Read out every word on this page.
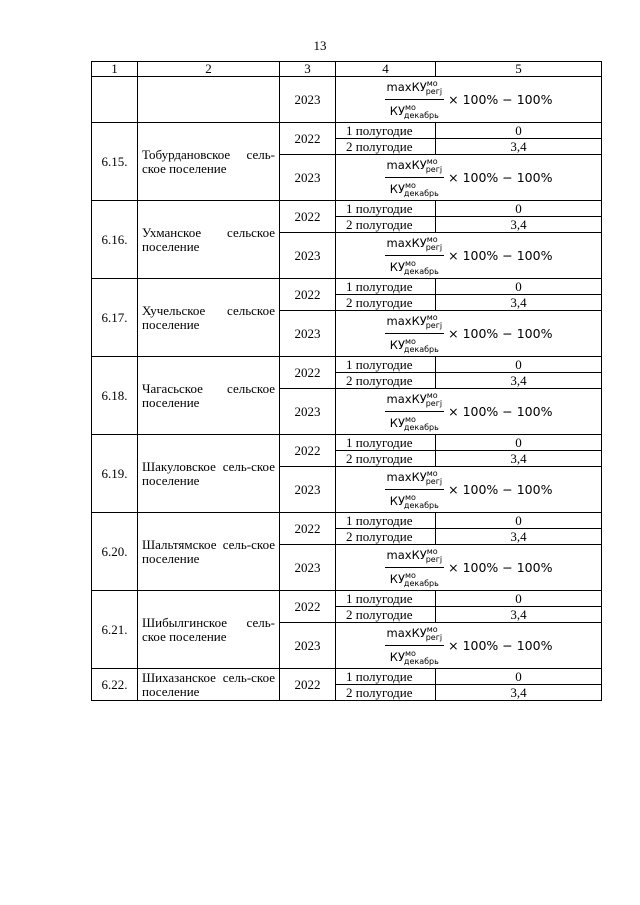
13
1	2	3	4	5
		2023	$\frac{\max КУ^{мо}_{регj}}{КУ^{мо}_{декабрь}} \times 100\% - 100\%$	

6.15.	Тобурдановское сель-ское поселение	2022	1 полугодие	0
			2 полугодие	3,4
		2023	$\frac{\max КУ^{мо}_{регj}}{КУ^{мо}_{декабрь}} \times 100\% - 100\%$	

6.16.	Ухманское сельское поселение	2022	1 полугодие	0
			2 полугодие	3,4
		2023	$\frac{\max КУ^{мо}_{регj}}{КУ^{мо}_{декабрь}} \times 100\% - 100\%$	

6.17.	Хучельское сельское поселение	2022	1 полугодие	0
			2 полугодие	3,4
		2023	$\frac{\max КУ^{мо}_{регj}}{КУ^{мо}_{декабрь}} \times 100\% - 100\%$	

6.18.	Чагасьское сельское поселение	2022	1 полугодие	0
			2 полугодие	3,4
		2023	$\frac{\max КУ^{мо}_{регj}}{КУ^{мо}_{декабрь}} \times 100\% - 100\%$	

6.19.	Шакуловское сель-ское поселение	2022	1 полугодие	0
			2 полугодие	3,4
		2023	$\frac{\max КУ^{мо}_{регj}}{КУ^{мо}_{декабрь}} \times 100\% - 100\%$	

6.20.	Шальтямское сель-ское поселение	2022	1 полугодие	0
			2 полугодие	3,4
		2023	$\frac{\max КУ^{мо}_{регj}}{КУ^{мо}_{декабрь}} \times 100\% - 100\%$	

6.21.	Шибылгинское сель-ское поселение	2022	1 полугодие	0
			2 полугодие	3,4
		2023	$\frac{\max КУ^{мо}_{регj}}{КУ^{мо}_{декабрь}} \times 100\% - 100\%$	

6.22.	Шихазанское сель-ское поселение	2022	1 полугодие	0
			2 полугодие	3,4
